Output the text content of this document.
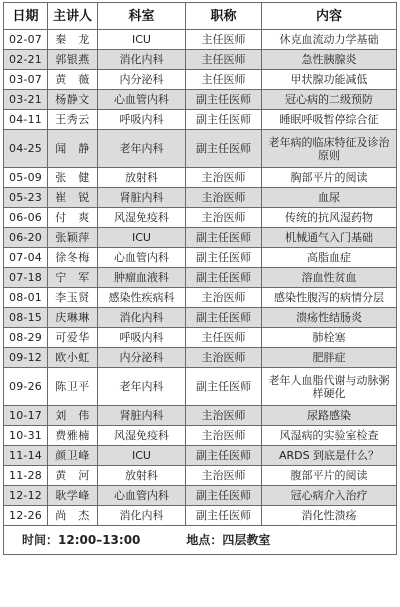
日期	主讲人	科室	职称	内容
02-07	秦　龙	ICU	主任医师	休克血流动力学基础
02-21	郭银燕	消化内科	主任医师	急性胰腺炎
03-07	黄　薇	内分泌科	主任医师	甲状腺功能减低
03-21	杨静文	心血管内科	副主任医师	冠心病的二级预防
04-11	王秀云	呼吸内科	副主任医师	睡眠呼吸暂停综合征
04-25	闻　静	老年内科	副主任医师	老年病的临床特征及诊治原则
05-09	张　健	放射科	主治医师	胸部平片的阅读
05-23	崔　锐	肾脏内科	主治医师	血尿
06-06	付　爽	风湿免疫科	主治医师	传统的抗风湿药物
06-20	张颖萍	ICU	副主任医师	机械通气入门基础
07-04	徐冬梅	心血管内科	副主任医师	高脂血症
07-18	宁　军	肿瘤血液科	副主任医师	溶血性贫血
08-01	李玉贤	感染性疾病科	主治医师	感染性腹泻的病情分层
08-15	庆琳琳	消化内科	副主任医师	溃疡性结肠炎
08-29	可爱华	呼吸内科	主任医师	肺栓塞
09-12	欧小虹	内分泌科	主治医师	肥胖症
09-26	陈卫平	老年内科	副主任医师	老年人血脂代谢与动脉粥样硬化
10-17	刘　伟	肾脏内科	主治医师	尿路感染
10-31	费雅楠	风湿免疫科	主治医师	风湿病的实验室检查
11-14	颜卫峰	ICU	副主任医师	ARDS 到底是什么？
11-28	黄　河	放射科	主治医师	腹部平片的阅读
12-12	耿学峰	心血管内科	副主任医师	冠心病介入治疗
12-26	尚　杰	消化内科	副主任医师	消化性溃疡
时间：12:00–13:00 地点：四层教室				
